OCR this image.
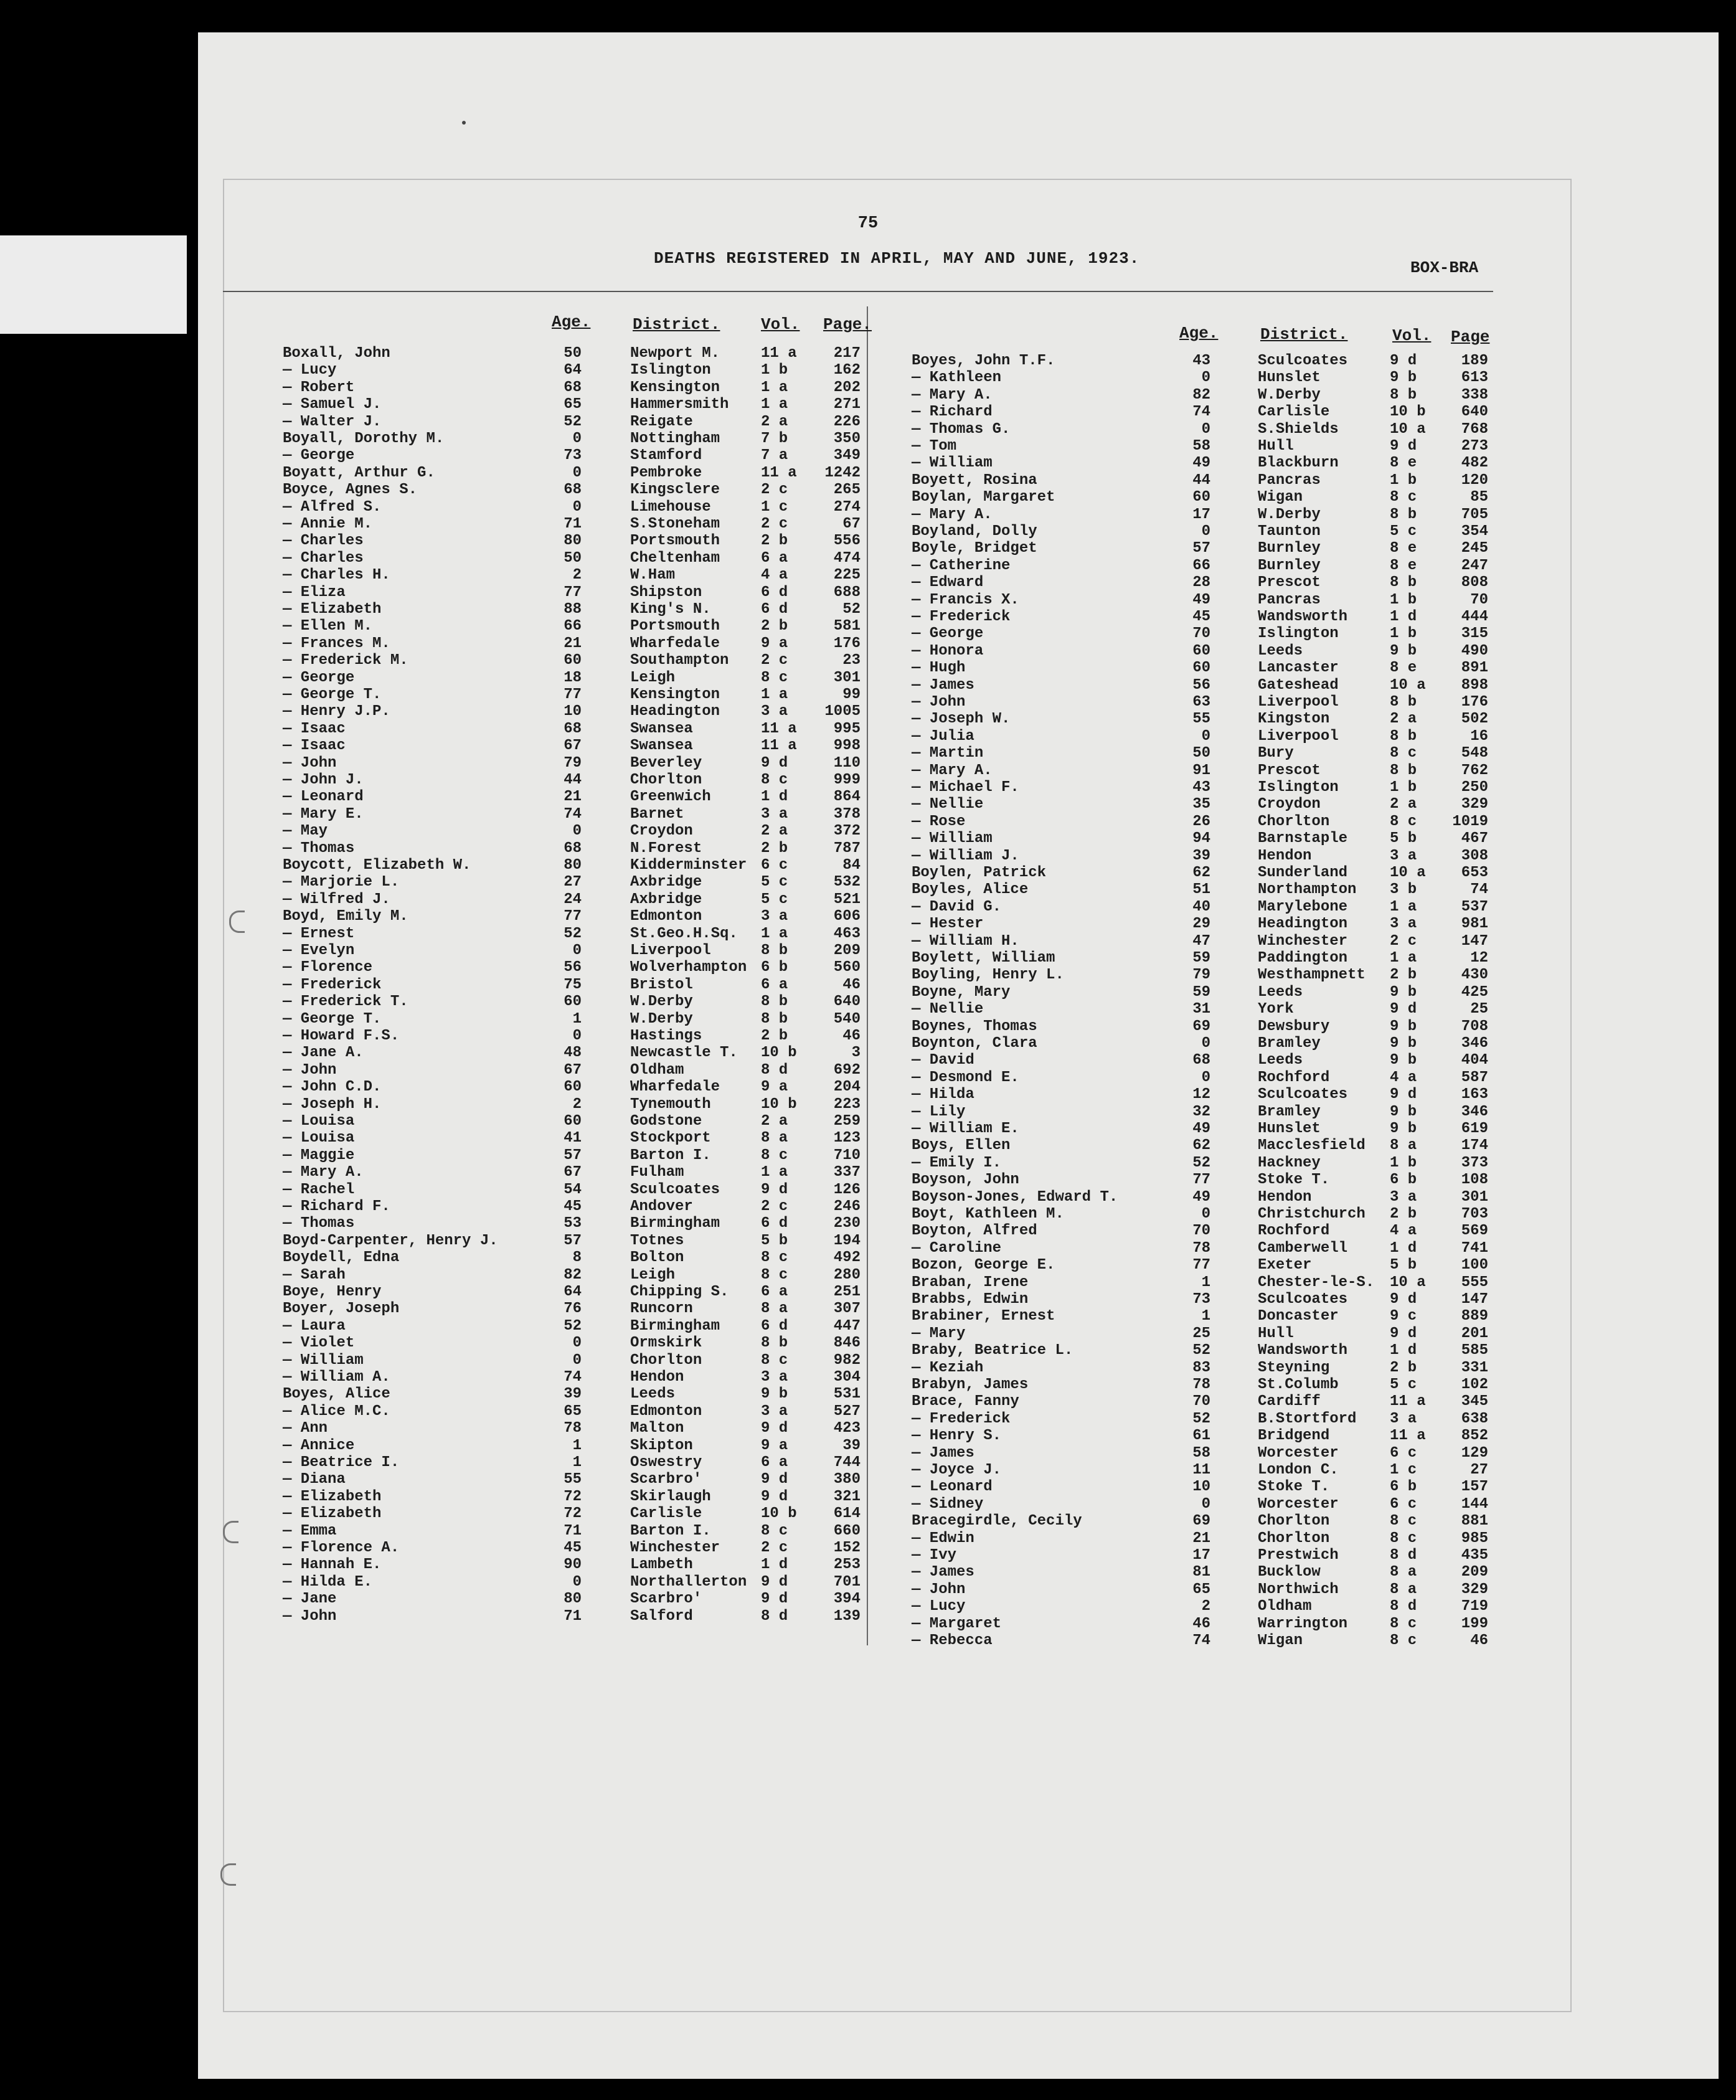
75
DEATHS REGISTERED IN APRIL, MAY AND JUNE, 1923.	BOX-BRA
Age.	District.	Vol. Page.	Age.	District.	Vol. Page
Boxall, John	50	Newport M.	11 a	217
— Lucy	64	Islington	1 b	162
— Robert	68	Kensington	1 a	202
— Samuel J.	65	Hammersmith 1 a	271
— Walter J.	52	Reigate	2 a	226
Boyall, Dorothy M.	0	Nottingham	7 b	350
— George	73	Stamford	7 a	349
Boyatt, Arthur G.	0	Pembroke	11 a	1242
Boyce, Agnes S.	68	Kingsclere	2 c	265
— Alfred S.	0	Limehouse	1 c	274
— Annie M.	71	S.Stoneham	2 c	67
— Charles	80	Portsmouth	2 b	556
— Charles	50	Cheltenham	6 a	474
— Charles H.	2	W.Ham	4 a	225
— Eliza	77	Shipston	6 d	688
— Elizabeth	88	King's N.	6 d	52
— Ellen M.	66	Portsmouth	2 b	581
— Frances M.	21	Wharfedale	9 a	176
— Frederick M.	60	Southampton 2 c	23
— George	18	Leigh	8 c	301
— George T.	77	Kensington	1 a	99
— Henry J.P.	10	Headington	3 a	1005
— Isaac	68	Swansea	11 a	995
— Isaac	67	Swansea	11 a	998
— John	79	Beverley	9 d	110
— John J.	44	Chorlton	8 c	999
— Leonard	21	Greenwich	1 d	864
— Mary E.	74	Barnet	3 a	378
— May	0	Croydon	2 a	372
— Thomas	68	N.Forest	2 b	787
Boycott, Elizabeth W.	80	Kidderminster 6 c	84
— Marjorie L.	27	Axbridge	5 c	532
— Wilfred J.	24	Axbridge	5 c	521
Boyd, Emily M.	77	Edmonton	3 a	606
— Ernest	52	St.Geo.H.Sq. 1 a	463
— Evelyn	0	Liverpool	8 b	209
— Florence	56	Wolverhampton 6 b	560
— Frederick	75	Bristol	6 a	46
— Frederick T.	60	W.Derby	8 b	640
— George T.	1	W.Derby	8 b	540
— Howard F.S.	0	Hastings	2 b	46
— Jane A.	48	Newcastle T. 10 b	3
— John	67	Oldham	8 d	692
— John C.D.	60	Wharfedale	9 a	204
— Joseph H.	2	Tynemouth	10 b	223
— Louisa	60	Godstone	2 a	259
— Louisa	41	Stockport	8 a	123
— Maggie	57	Barton I.	8 c	710
— Mary A.	67	Fulham	1 a	337
— Rachel	54	Sculcoates	9 d	126
— Richard F.	45	Andover	2 c	246
— Thomas	53	Birmingham	6 d	230
Boyd-Carpenter, Henry J.	57	Totnes	5 b	194
Boydell, Edna	8	Bolton	8 c	492
— Sarah	82	Leigh	8 c	280
Boye, Henry	64	Chipping S. 6 a	251
Boyer, Joseph	76	Runcorn	8 a	307
— Laura	52	Birmingham	6 d	447
— Violet	0	Ormskirk	8 b	846
— William	0	Chorlton	8 c	982
— William A.	74	Hendon	3 a	304
Boyes, Alice	39	Leeds	9 b	531
— Alice M.C.	65	Edmonton	3 a	527
— Ann	78	Malton	9 d	423
— Annice	1	Skipton	9 a	39
— Beatrice I.	1	Oswestry	6 a	744
— Diana	55	Scarbro'	9 d	380
— Elizabeth	72	Skirlaugh	9 d	321
— Elizabeth	72	Carlisle	10 b	614
— Emma	71	Barton I.	8 c	660
— Florence A.	45	Winchester	2 c	152
— Hannah E.	90	Lambeth	1 d	253
— Hilda E.	0	Northallerton 9 d	701
— Jane	80	Scarbro'	9 d	394
— John	71	Salford	8 d	139
Boyes, John T.F.	43	Sculcoates	9 d	189
— Kathleen	0	Hunslet	9 b	613
— Mary A.	82	W.Derby	8 b	338
— Richard	74	Carlisle	10 b	640
— Thomas G.	0	S.Shields	10 a	768
— Tom	58	Hull	9 d	273
— William	49	Blackburn	8 e	482
Boyett, Rosina	44	Pancras	1 b	120
Boylan, Margaret	60	Wigan	8 c	85
— Mary A.	17	W.Derby	8 b	705
Boyland, Dolly	0	Taunton	5 c	354
Boyle, Bridget	57	Burnley	8 e	245
— Catherine	66	Burnley	8 e	247
— Edward	28	Prescot	8 b	808
— Francis X.	49	Pancras	1 b	70
— Frederick	45	Wandsworth	1 d	444
— George	70	Islington	1 b	315
— Honora	60	Leeds	9 b	490
— Hugh	60	Lancaster	8 e	891
— James	56	Gateshead	10 a	898
— John	63	Liverpool	8 b	176
— Joseph W.	55	Kingston	2 a	502
— Julia	0	Liverpool	8 b	16
— Martin	50	Bury	8 c	548
— Mary A.	91	Prescot	8 b	762
— Michael F.	43	Islington	1 b	250
— Nellie	35	Croydon	2 a	329
— Rose	26	Chorlton	8 c	1019
— William	94	Barnstaple	5 b	467
— William J.	39	Hendon	3 a	308
Boylen, Patrick	62	Sunderland	10 a	653
Boyles, Alice	51	Northampton 3 b	74
— David G.	40	Marylebone	1 a	537
— Hester	29	Headington	3 a	981
— William H.	47	Winchester	2 c	147
Boylett, William	59	Paddington	1 a	12
Boyling, Henry L.	79	Westhampnett 2 b	430
Boyne, Mary	59	Leeds	9 b	425
— Nellie	31	York	9 d	25
Boynes, Thomas	69	Dewsbury	9 b	708
Boynton, Clara	0	Bramley	9 b	346
— David	68	Leeds	9 b	404
— Desmond E.	0	Rochford	4 a	587
— Hilda	12	Sculcoates	9 d	163
— Lily	32	Bramley	9 b	346
— William E.	49	Hunslet	9 b	619
Boys, Ellen	62	Macclesfield 8 a	174
— Emily I.	52	Hackney	1 b	373
Boyson, John	77	Stoke T.	6 b	108
Boyson-Jones, Edward T.	49	Hendon	3 a	301
Boyt, Kathleen M.	0	Christchurch 2 b	703
Boyton, Alfred	70	Rochford	4 a	569
— Caroline	78	Camberwell	1 d	741
Bozon, George E.	77	Exeter	5 b	100
Braban, Irene	1	Chester-le-S. 10 a	555
Brabbs, Edwin	73	Sculcoates	9 d	147
Brabiner, Ernest	1	Doncaster	9 c	889
— Mary	25	Hull	9 d	201
Braby, Beatrice L.	52	Wandsworth	1 d	585
— Keziah	83	Steyning	2 b	331
Brabyn, James	78	St.Columb	5 c	102
Brace, Fanny	70	Cardiff	11 a	345
— Frederick	52	B.Stortford 3 a	638
— Henry S.	61	Bridgend	11 a	852
— James	58	Worcester	6 c	129
— Joyce J.	11	London C.	1 c	27
— Leonard	10	Stoke T.	6 b	157
— Sidney	0	Worcester	6 c	144
Bracegirdle, Cecily	69	Chorlton	8 c	881
— Edwin	21	Chorlton	8 c	985
— Ivy	17	Prestwich	8 d	435
— James	81	Bucklow	8 a	209
— John	65	Northwich	8 a	329
— Lucy	2	Oldham	8 d	719
— Margaret	46	Warrington	8 c	199
— Rebecca	74	Wigan	8 c	46
